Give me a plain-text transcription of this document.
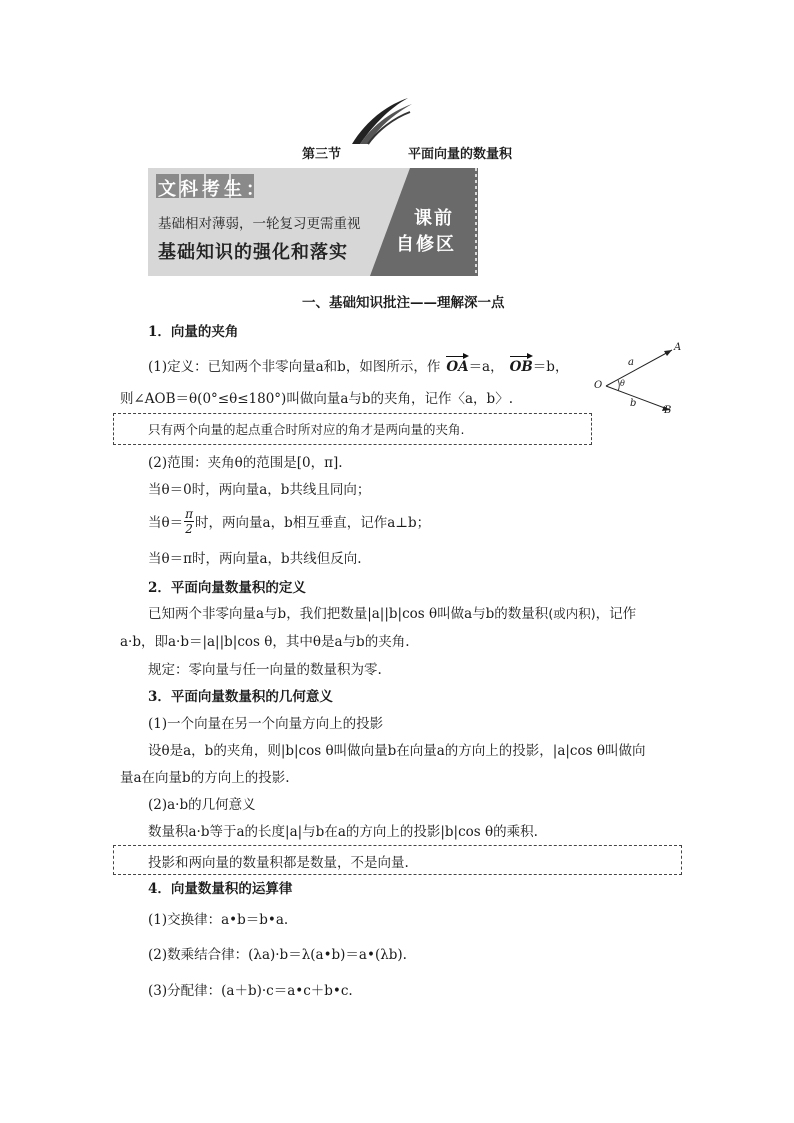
第三节	平面向量的数量积
文科考生：
基础相对薄弱，一轮复习更需重视
基础知识的强化和落实
课前
自修区
一、基础知识批注——理解深一点
1．向量的夹角
(1)定义：已知两个非零向量a和b，如图所示，作 OA＝a， OB＝b，
则∠AOB＝θ(0°≤θ≤180°)叫做向量a与b的夹角，记作〈a，b〉.
a
A
b
B
O θ
只有两个向量的起点重合时所对应的角才是两向量的夹角.
(2)范围：夹角θ的范围是[0，π].
当θ＝0时，两向量a，b共线且同向；
当$\theta= \frac{\pi}{2}$ 时，两向量a，b相互垂直，记作a⊥b；
当θ＝π时，两向量a，b共线但反向.
2．平面向量数量积的定义
已知两个非零向量a与b，我们把数量|a||b|cos θ叫做a与b的数量积(或内积)，记作
a·b，即a·b＝|a||b|cos θ，其中θ是a与b的夹角.
规定：零向量与任一向量的数量积为零.
3．平面向量数量积的几何意义
(1)一个向量在另一个向量方向上的投影
设θ是a，b的夹角，则|b|cos θ叫做向量b在向量a的方向上的投影，|a|cos θ叫做向
量a在向量b的方向上的投影.
(2)a·b的几何意义
数量积a·b等于a的长度|a|与b在a的方向上的投影|b|cos θ的乘积.
投影和两向量的数量积都是数量，不是向量.
4．向量数量积的运算律
(1)交换律：a•b＝b•a.
(2)数乘结合律：(λa)·b＝λ(a•b)＝a•(λb).
(3)分配律：(a＋b)·c＝a•c＋b•c.
